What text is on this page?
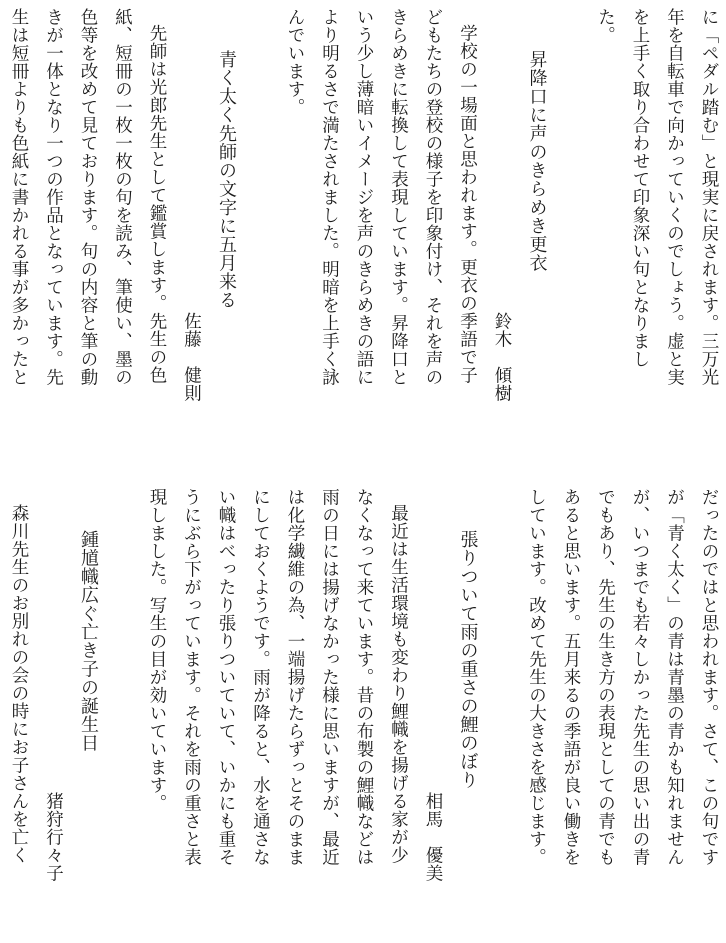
に「ペダル踏む」と現実に戻されます。三万光
年を自転車で向かっていくのでしょう。虚と実
を上手く取り合わせて印象深い句となりまし
た。
昇降口に声のきらめき更衣
鈴木　傾樹
学校の一場面と思われます。更衣の季語で子
どもたちの登校の様子を印象付け、それを声の
きらめきに転換して表現しています。昇降口と
いう少し薄暗いイメージを声のきらめきの語に
より明るさで満たされました。明暗を上手く詠
んでいます。
青く太く先師の文字に五月来る
佐藤　健則
先師は光郎先生として鑑賞します。先生の色
紙、短冊の一枚一枚の句を読み、筆使い、墨の
色等を改めて見ております。句の内容と筆の動
きが一体となり一つの作品となっています。先
生は短冊よりも色紙に書かれる事が多かったと
だったのではと思われます。さて、この句です
が「青く太く」の青は青墨の青かも知れません
が、いつまでも若々しかった先生の思い出の青
でもあり、先生の生き方の表現としての青でも
あると思います。五月来るの季語が良い働きを
しています。改めて先生の大きさを感じます。
張りついて雨の重さの鯉のぼり
相馬　優美
最近は生活環境も変わり鯉幟を揚げる家が少
なくなって来ています。昔の布製の鯉幟などは
雨の日には揚げなかった様に思いますが、最近
は化学繊維の為、一端揚げたらずっとそのまま
にしておくようです。雨が降ると、水を通さな
い幟はべったり張りついていて、いかにも重そ
うにぶら下がっています。それを雨の重さと表
現しました。写生の目が効いています。
鍾馗幟広ぐ亡き子の誕生日
猪狩行々子
森川先生のお別れの会の時にお子さんを亡く
